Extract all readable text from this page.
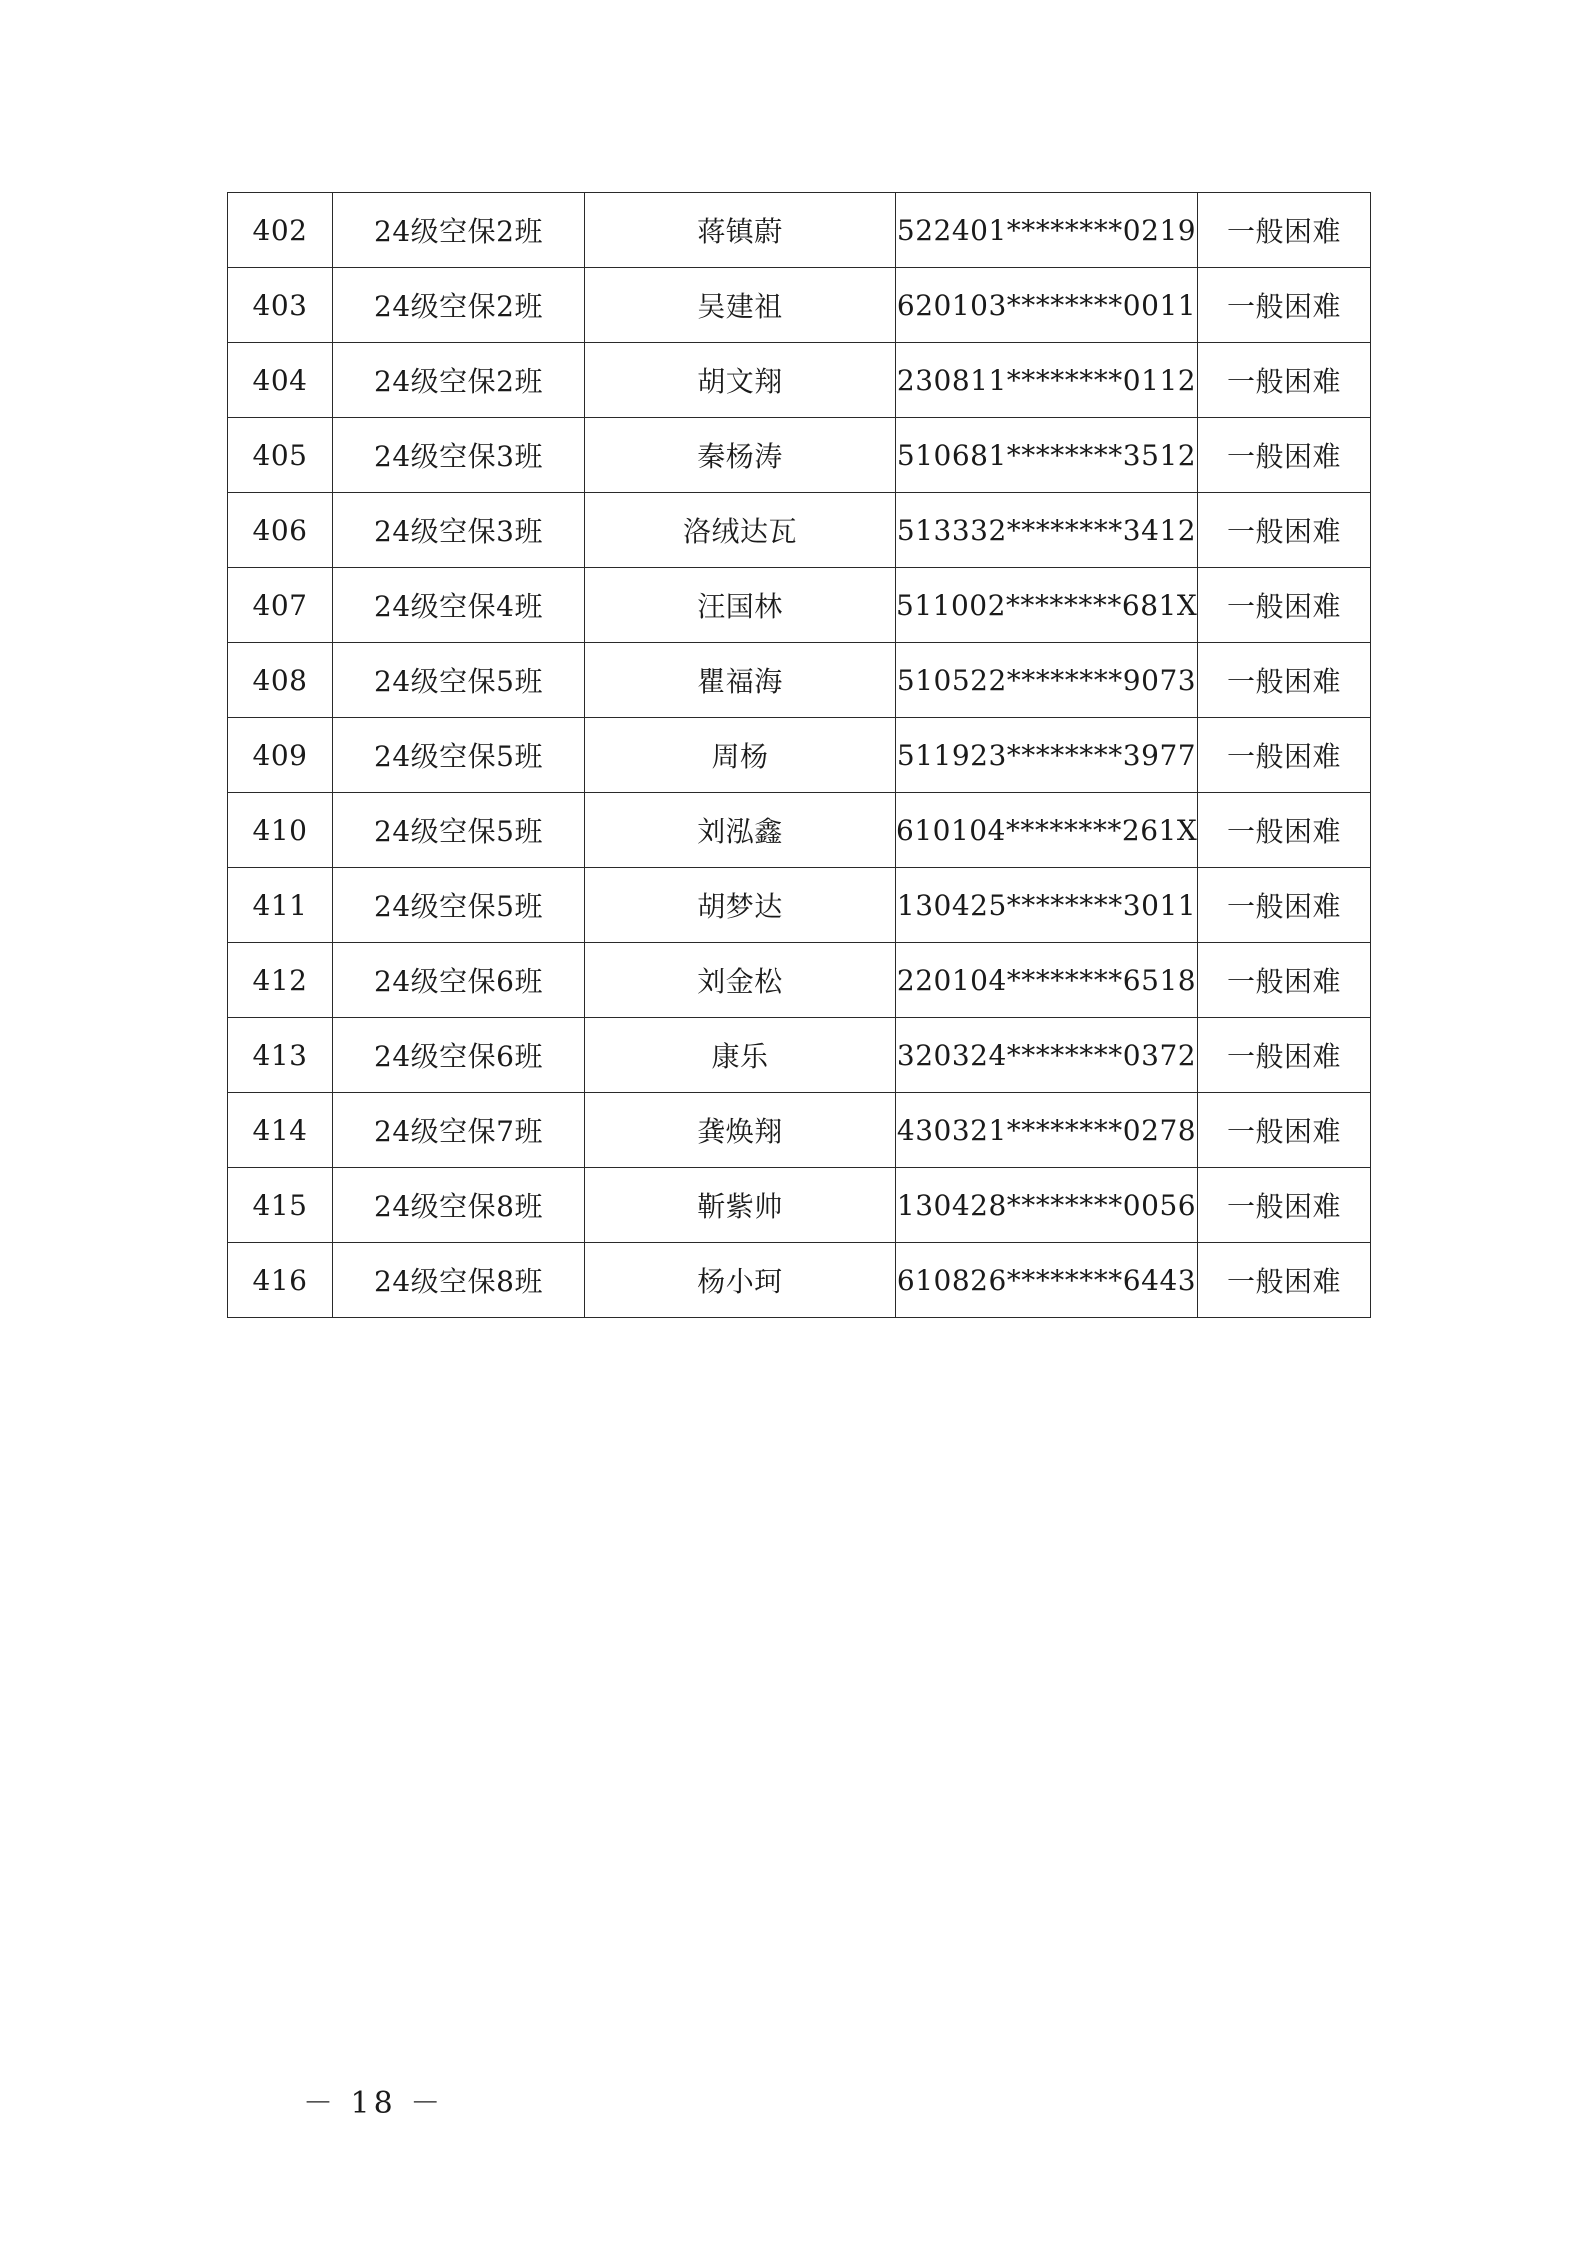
402	24级空保2班	蒋镇蔚	522401********0219	一般困难
403	24级空保2班	吴建祖	620103********0011	一般困难
404	24级空保2班	胡文翔	230811********0112	一般困难
405	24级空保3班	秦杨涛	510681********3512	一般困难
406	24级空保3班	洛绒达瓦	513332********3412	一般困难
407	24级空保4班	汪国林	511002********681X	一般困难
408	24级空保5班	瞿福海	510522********9073	一般困难
409	24级空保5班	周杨	511923********3977	一般困难
410	24级空保5班	刘泓鑫	610104********261X	一般困难
411	24级空保5班	胡梦达	130425********3011	一般困难
412	24级空保6班	刘金松	220104********6518	一般困难
413	24级空保6班	康乐	320324********0372	一般困难
414	24级空保7班	龚焕翔	430321********0278	一般困难
415	24级空保8班	靳紫帅	130428********0056	一般困难
416	24级空保8班	杨小珂	610826********6443	一般困难
－ 18 －
